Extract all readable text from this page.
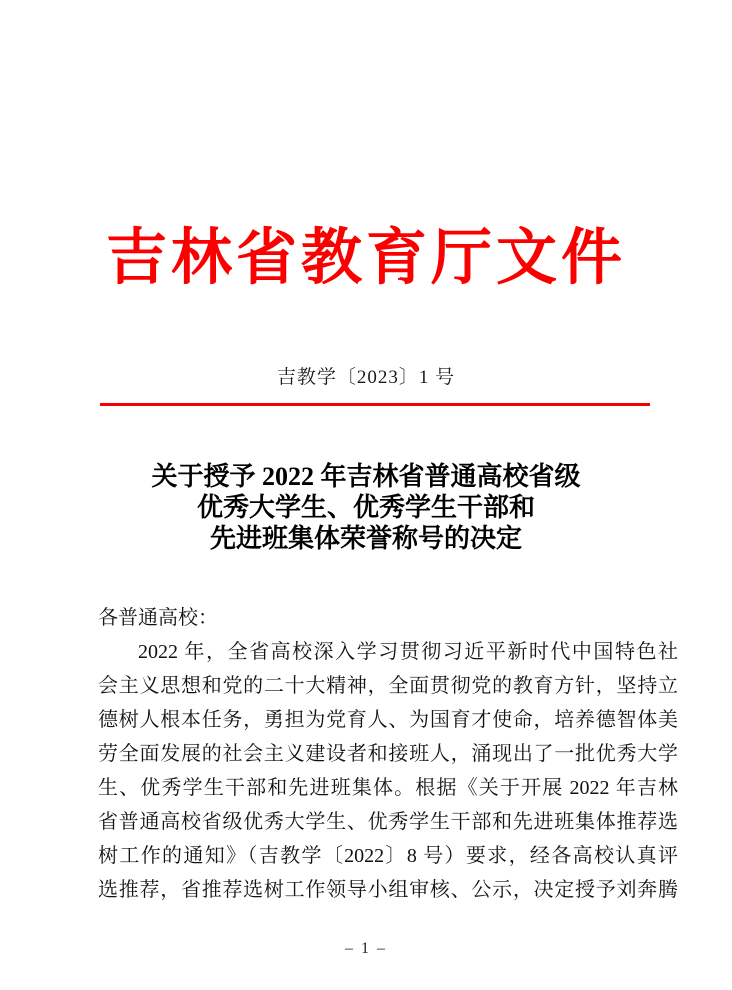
吉林省教育厅文件
吉教学〔2023〕1 号
关于授予 2022 年吉林省普通高校省级
优秀大学生、优秀学生干部和
先进班集体荣誉称号的决定
各普通高校：
2022 年，全省高校深入学习贯彻习近平新时代中国特色社
会主义思想和党的二十大精神，全面贯彻党的教育方针，坚持立
德树人根本任务，勇担为党育人、为国育才使命，培养德智体美
劳全面发展的社会主义建设者和接班人，涌现出了一批优秀大学
生、优秀学生干部和先进班集体。根据《关于开展 2022 年吉林
省普通高校省级优秀大学生、优秀学生干部和先进班集体推荐选
树工作的通知》（吉教学〔2022〕8 号）要求，经各高校认真评
选推荐，省推荐选树工作领导小组审核、公示，决定授予刘奔腾
– 1 –
